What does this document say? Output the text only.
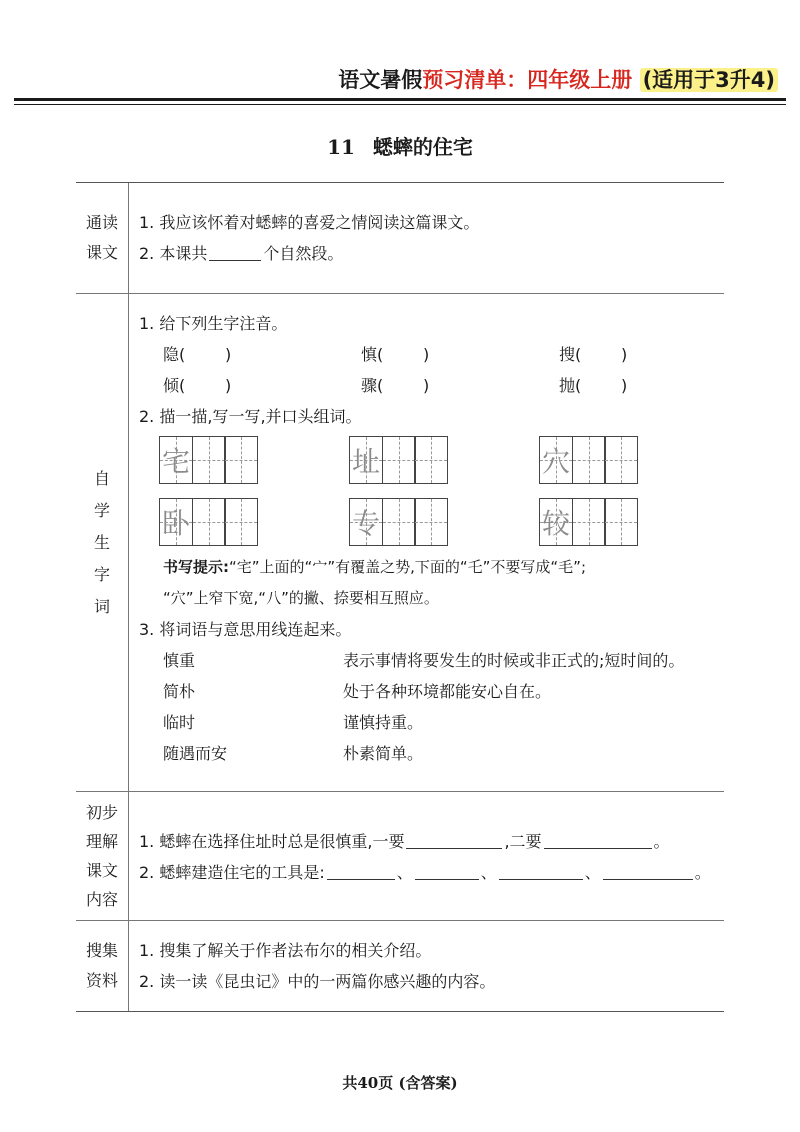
语文暑假预习清单：四年级上册 (适用于3升4)
11 蟋蟀的住宅
通读
课文
1. 我应该怀着对蟋蟀的喜爱之情阅读这篇课文。
2. 本课共	个自然段。
自
学
生
字
词
1. 给下列生字注音。
隐(	)	慎(	)	搜(	)
倾(	)	骤(	)	抛(	)
2. 描一描,写一写,并口头组词。
宅	址	穴
卧	专	较
书写提示:“宅”上面的“宀”有覆盖之势,下面的“乇”不要写成“毛”;
“穴”上窄下宽,“八”的撇、捺要相互照应。
3. 将词语与意思用线连起来。
慎重	表示事情将要发生的时候或非正式的;短时间的。
简朴	处于各种环境都能安心自在。
临时	谨慎持重。
随遇而安	朴素简单。
初步
理解
课文
内容
1. 蟋蟀在选择住址时总是很慎重,一要	,二要	。
2. 蟋蟀建造住宅的工具是:	、	、	、	。
搜集
资料
1. 搜集了解关于作者法布尔的相关介绍。
2. 读一读《昆虫记》中的一两篇你感兴趣的内容。
共40页 (含答案)
